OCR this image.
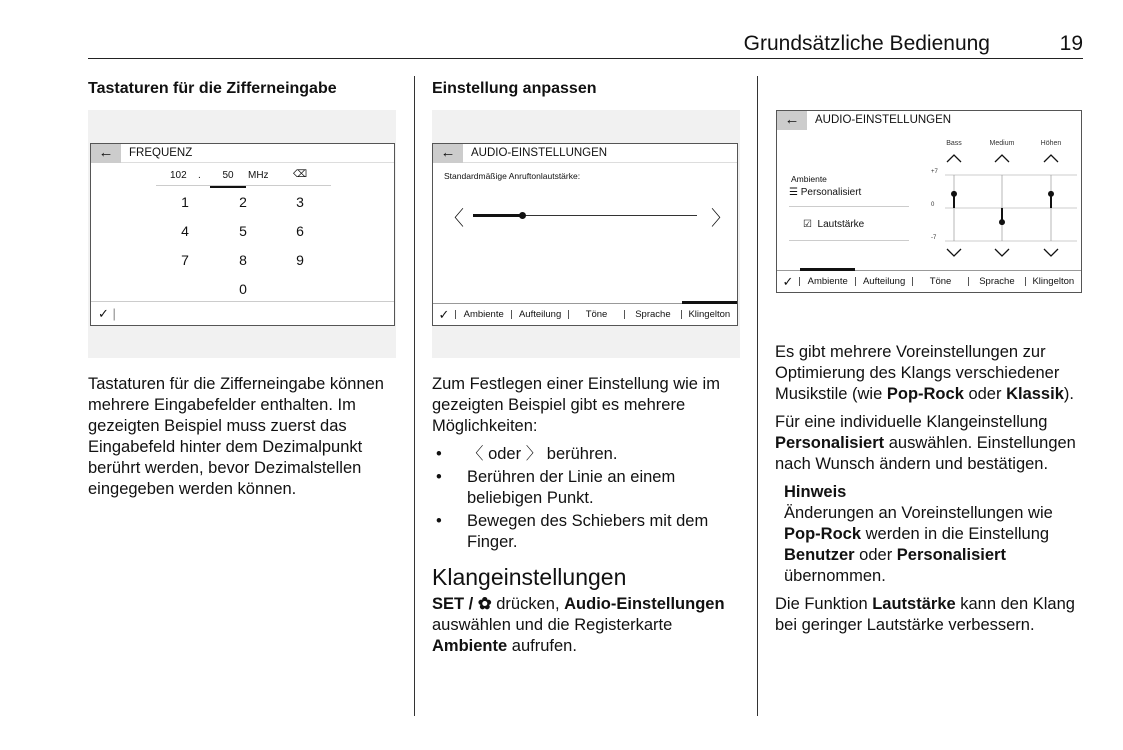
Grundsätzliche Bedienung	19
Tastaturen für die Zifferneingabe
←	FREQUENZ
102 .	50	MHz ⌫
1	2	3
4	5	6
7	8	9
0
✓ |
Tastaturen für die Zifferneingabe können mehrere Eingabefelder enthalten. Im gezeigten Beispiel muss zuerst das Eingabefeld hinter dem Dezimalpunkt berührt werden, bevor Dezimalstellen eingegeben werden können.
Einstellung anpassen
←	AUDIO-EINSTELLUNGEN
Standardmäßige Anruftonlautstärke:
〈	〉
✓	Ambiente	Aufteilung	Töne	Sprache	Klingelton

Zum Festlegen einer Einstellung wie im gezeigten Beispiel gibt es mehrere Möglichkeiten:

• 〈 oder 〉 berühren.
• Berühren der Linie an einem beliebigen Punkt.
• Bewegen des Schiebers mit dem Finger.
Klangeinstellungen
SET / ✿ drücken, Audio-Einstellungen auswählen und die Registerkarte Ambiente aufrufen.
←	AUDIO-EINSTELLUNGEN
Ambiente
☰ Personalisiert
☑ Lautstärke
+7
0
-7
Bass	Medium	Höhen
✓	Ambiente	Aufteilung	Töne	Sprache	Klingelton

Es gibt mehrere Voreinstellungen zur Optimierung des Klangs verschiedener Musikstile (wie Pop-Rock oder Klassik).

Für eine individuelle Klangeinstellung Personalisiert auswählen. Einstellungen nach Wunsch ändern und bestätigen.

Hinweis
Änderungen an Voreinstellungen wie Pop-Rock werden in die Einstellung Benutzer oder Personalisiert übernommen.

Die Funktion Lautstärke kann den Klang bei geringer Lautstärke verbessern.
